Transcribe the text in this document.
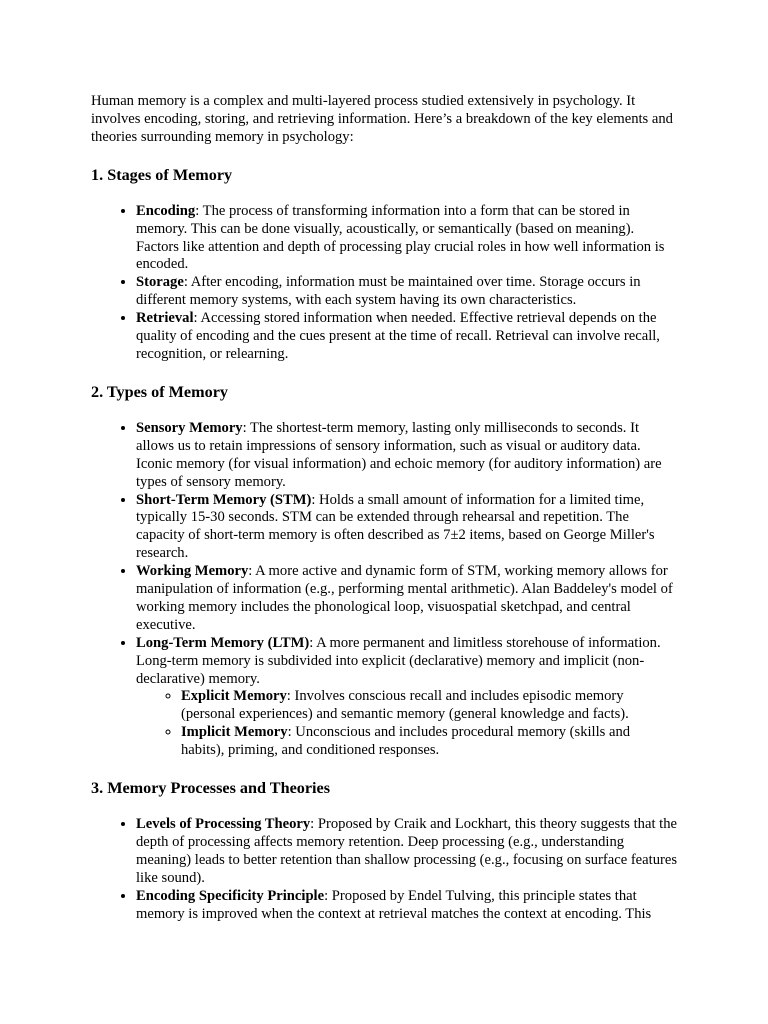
Human memory is a complex and multi-layered process studied extensively in psychology. It involves encoding, storing, and retrieving information. Here’s a breakdown of the key elements and theories surrounding memory in psychology:

1. Stages of Memory
• Encoding: The process of transforming information into a form that can be stored in memory. This can be done visually, acoustically, or semantically (based on meaning). Factors like attention and depth of processing play crucial roles in how well information is encoded.
• Storage: After encoding, information must be maintained over time. Storage occurs in different memory systems, with each system having its own characteristics.
• Retrieval: Accessing stored information when needed. Effective retrieval depends on the quality of encoding and the cues present at the time of recall. Retrieval can involve recall, recognition, or relearning.
2. Types of Memory
• Sensory Memory: The shortest-term memory, lasting only milliseconds to seconds. It allows us to retain impressions of sensory information, such as visual or auditory data. Iconic memory (for visual information) and echoic memory (for auditory information) are types of sensory memory.
• Short-Term Memory (STM): Holds a small amount of information for a limited time, typically 15-30 seconds. STM can be extended through rehearsal and repetition. The capacity of short-term memory is often described as 7±2 items, based on George Miller's research.
• Working Memory: A more active and dynamic form of STM, working memory allows for manipulation of information (e.g., performing mental arithmetic). Alan Baddeley's model of working memory includes the phonological loop, visuospatial sketchpad, and central executive.
• Long-Term Memory (LTM): A more permanent and limitless storehouse of information. Long-term memory is subdivided into explicit (declarative) memory and implicit (non-declarative) memory.
◦ Explicit Memory: Involves conscious recall and includes episodic memory (personal experiences) and semantic memory (general knowledge and facts).
◦ Implicit Memory: Unconscious and includes procedural memory (skills and habits), priming, and conditioned responses.
3. Memory Processes and Theories
• Levels of Processing Theory: Proposed by Craik and Lockhart, this theory suggests that the depth of processing affects memory retention. Deep processing (e.g., understanding meaning) leads to better retention than shallow processing (e.g., focusing on surface features like sound).
• Encoding Specificity Principle: Proposed by Endel Tulving, this principle states that memory is improved when the context at retrieval matches the context at encoding. This
